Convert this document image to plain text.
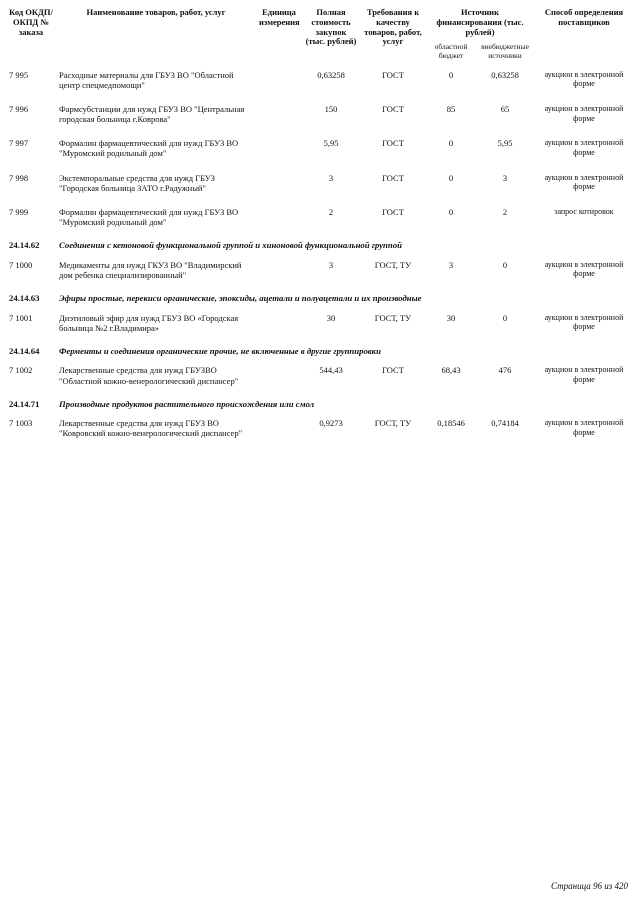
Код ОКДП/ ОКПД № заказа	Наименование товаров, работ, услуг	Единица измерения	Полная стоимость закупок (тыс. рублей)	Требования к качеству товаров, работ, услуг	Источник финансирования (тыс. рублей)		Способ определения поставщиков
					областной бюджет	внебюджетные источники	
7 995	Расходные материалы для ГБУЗ ВО "Областной центр спецмедпомощи"		0,63258	ГОСТ	0	0,63258	аукцион в электронной форме
7 996	Фармсубстанции для нужд ГБУЗ ВО "Центральная городская больница г.Коврова"		150	ГОСТ	85	65	аукцион в электронной форме
7 997	Формалин фармацевтический для нужд ГБУЗ ВО "Муромский родильный дом"		5,95	ГОСТ	0	5,95	аукцион в электронной форме
7 998	Экстемпоральные средства для нужд ГБУЗ "Городская больница ЗАТО г.Радужный"		3	ГОСТ	0	3	аукцион в электронной форме
7 999	Формалин фармацевтический для нужд ГБУЗ ВО "Муромский родильный дом"		2	ГОСТ	0	2	запрос котировок
24.14.62	Соединения с кетоновой функциональной группой и хиноновой функциональной группой						
7 1000	Медикаменты для нужд ГКУЗ ВО "Владимирский дом ребенка специализированный"		3	ГОСТ, ТУ	3	0	аукцион в электронной форме
24.14.63	Эфиры простые, перекиси органические, эпоксиды, ацетали и полуацетали и их производные						
7 1001	Диэтиловый эфир для нужд ГБУЗ ВО «Городская больница №2 г.Владимира»		30	ГОСТ, ТУ	30	0	аукцион в электронной форме
24.14.64	Ферменты и соединения органические прочие, не включенные в другие группировки						
7 1002	Лекарственные средства для нужд ГБУЗВО "Областной кожно-венерологический диспансер"		544,43	ГОСТ	68,43	476	аукцион в электронной форме
24.14.71	Производные продуктов растительного происхождения или смол						
7 1003	Лекарственные средства для нужд ГБУЗ ВО "Ковровский кожно-венерологический диспансер"		0,9273	ГОСТ, ТУ	0,18546	0,74184	аукцион в электронной форме
Страница 96 из 420
